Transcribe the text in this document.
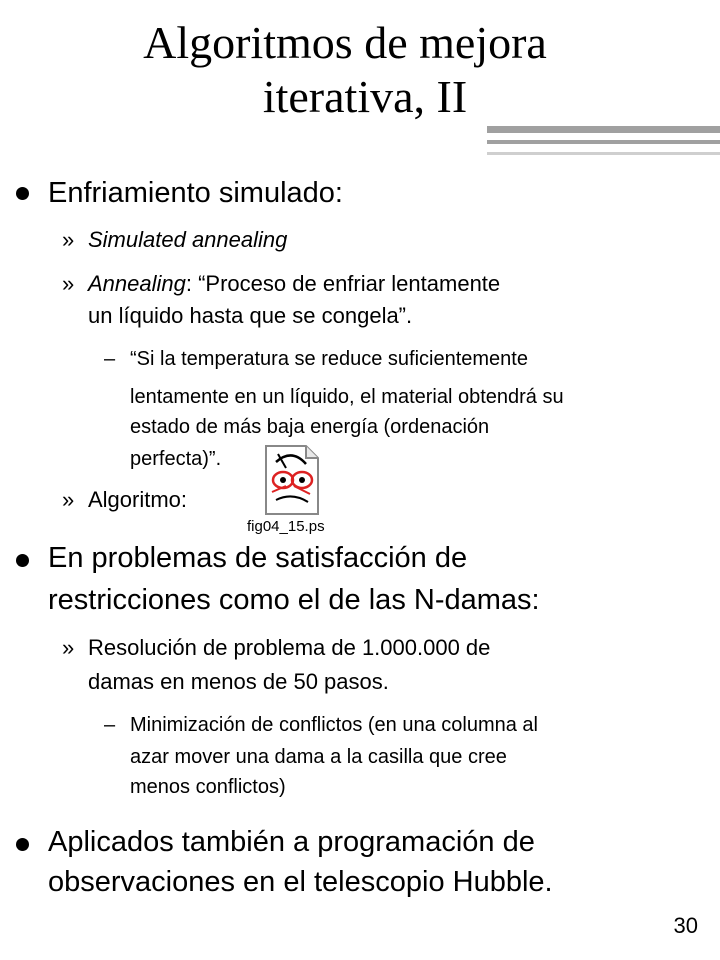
Algoritmos de mejora
iterativa, II
Enfriamiento simulado:
» Simulated annealing
» Annealing: “Proceso de enfriar lentamente
un líquido hasta que se congela”.
– “Si la temperatura se reduce suficientemente
lentamente en un líquido, el material obtendrá su
estado de más baja energía (ordenación
perfecta)”.
» Algoritmo:
fig04_15.ps
En problemas de satisfacción de
restricciones como el de las N-damas:
» Resolución de problema de 1.000.000 de
damas en menos de 50 pasos.
– Minimización de conflictos (en una columna al
azar mover una dama a la casilla que cree
menos conflictos)
Aplicados también a programación de
observaciones en el telescopio Hubble.
30
